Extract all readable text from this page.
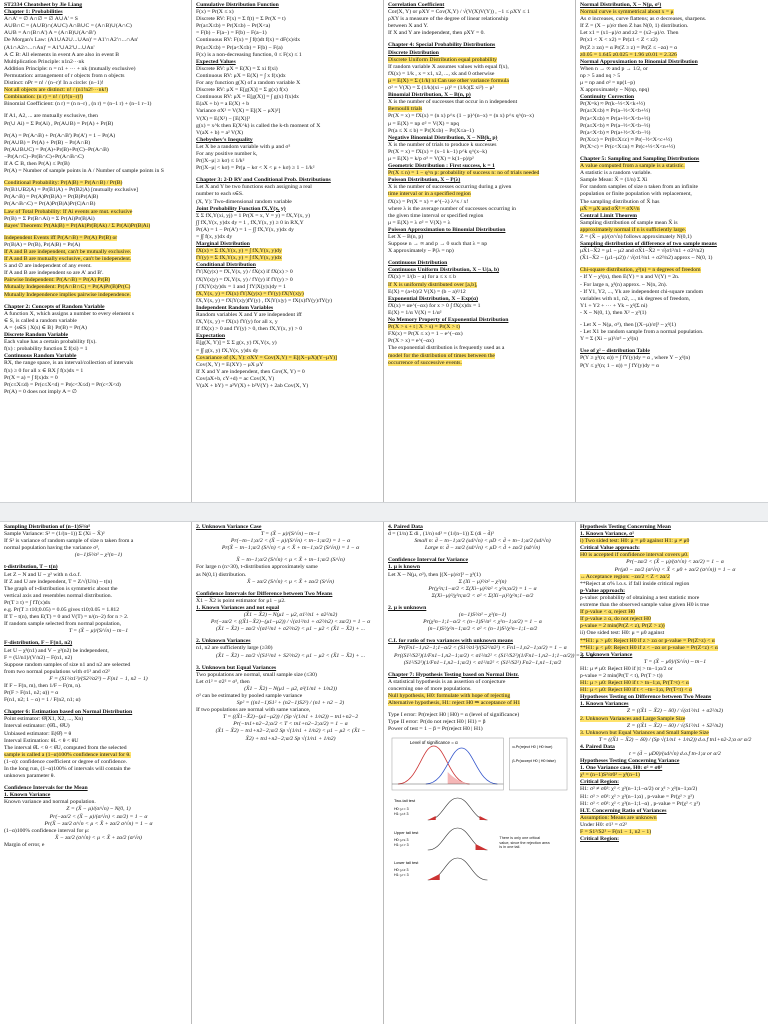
ST2334 Cheatsheet by Jie Liang
Chapter 1: Probabilities
A∩A' = ∅ A∩∅ = ∅ A∪A' = S
A∪B∩C = (A∪B)∩(A∪C) A∩B∪C = (A∩B)∪(A∩C)
A∪B = A∩(B∩A') A = (A∩B)∪(A∩B')
De Morgan's Law: (A1∪A2∪...∪An)' = A1'∩A2'∩...∩An'
(A1∩A2∩...∩An)' = A1'∪A2'∪...∪An'
A ⊂ B: All elements in event A are also in event B
Multiplication Principle: n1n2···nk
Addition Principle: n = n1 + ··· + nk (mutually exclusive)
Permutation: arrangement of r objects from n objects
Distinct: nPr = n! / (n−r)! In a circle: (n−1)!
Not all objects are distinct: n! / (n1!n2!···nk!)
Combination: (n r) = n! / (r!(n−r)!)
Binomial Coefficient: (n r) = (n n−r) , (n r) = (n−1 r) + (n−1 r−1)
If A1, A2, ... are mutually exclusive, then
Pr(∪ Ai) = Σ Pr(Ai) , Pr(A∪B) = Pr(A) + Pr(B)
Pr(A) = Pr(A∩B) + Pr(A∩B') Pr(A') = 1 − Pr(A)
Pr(A∪B) = Pr(A) + Pr(B) − Pr(A∩B)
Pr(A∪B∪C) = Pr(A)+Pr(B)+Pr(C)−Pr(A∩B)
−Pr(A∩C)−Pr(B∩C)+Pr(A∩B∩C)
If A ⊂ B, then Pr(A) ≤ Pr(B)
Pr(A) = Number of sample points in A / Number of sample points in S
Conditional Probability: Pr(A|B) = Pr(A∩B) / Pr(B)
Pr(B1∪B2|A) = Pr(B1|A) + Pr(B2|A) [mutually exclusive]
Pr(A∩B) = Pr(A)Pr(B|A) = Pr(B)Pr(A|B)
Pr(A∩B∩C) = Pr(A)Pr(B|A)Pr(C|A∩B)
Law of Total Probability: If Ai events are mut. exclusive
Pr(B) = Σ Pr(B∩Ai) = Σ Pr(Ai)Pr(B|Ai)
Bayes' Theorem: Pr(Ak|B) = Pr(Ak)Pr(B|Ak) / Σ Pr(Ai)Pr(B|Ai)
Independent Events iff Pr(A∩B) = Pr(A) Pr(B) or
Pr(B|A) = Pr(B), Pr(A|B) = Pr(A)
If A and B are independent, can't be mutually exclusive.
If A and B are mutually exclusive, can't be independent.
S and ∅ are independent of any event.
If A and B are independent so are A' and B'.
Pairwise Independent: Pr(A∩B) = Pr(A) Pr(B)
Mutually Independent: Pr(A∩B∩C) = Pr(A)Pr(B)Pr(C)
Mutually Independence implies pairwise independence.
Chapter 2: Concepts of Random Variable
A function X, which assigns a number to every element s
∈ S, is called a random variable
A = {s∈S | X(s) ∈ B} Pr(B) = Pr(A)
Discrete Random Variable
Each value has a certain probability f(x).
f(x) : probability function Σ f(xi) = 1
Continuous Random Variable
RX, the range space, is an interval/collection of intervals
f(x) ≥ 0 for all x ∈ RX ∫ f(x)dx = 1
Pr(X = a) = ∫ f(x)dx = 0
Pr(c≤X≤d) = Pr(c≤X<d) = Pr(c<X≤d) = Pr(c<X<d)
Pr(A) = 0 does not imply A = ∅
Cumulative Distribution Function
F(x) = Pr(X ≤ x)
Discrete RV: F(x) = Σ f(t) = Σ Pr(X = t)
Pr(a≤X≤b) = Pr(X≤b) − Pr(X<a)
= F(b) − F(a−) = F(b) − F(a−1)
Continuous RV: F(x) = ∫ f(t)dt f(x) = dF(x)/dx
Pr(a≤X≤b) = Pr(a<X≤b) = F(b) − F(a)
F(x) is a non-decreasing function, 0 ≤ F(x) ≤ 1
Expected Values
Discrete RV: μX = E(X) = Σ xi f(xi)
Continuous RV: μX = E(X) = ∫ x f(x)dx
For any function g(X) of a random variable X
Discrete RV: μX = E[g(X)] = Σ g(x) f(x)
Continuous RV: μX = E[g(X)] = ∫ g(x) f(x)dx
E(aX + b) = a E(X) + b
Variance σX² = V(X) = E[(X − μX)²]
V(X) = E(X²) − [E(X)]²
g(x) = x^k then E(X^k) is called the k-th moment of X
V(aX + b) = a² V(X)
Chebyshev's Inequality
Let X be a random variable with μ and σ²
For any positive number k,
Pr(|X−μ| ≥ kσ) ≤ 1/k²
Pr(|X−μ| < kσ) = Pr(μ − kσ < X < μ + kσ) ≥ 1 − 1/k²
Chapter 3: 2-D RV and Conditional Prob. Distributions
Let X and Y be two functions each assigning a real
number to each s∈S.
(X, Y): Two-dimensional random variable
Joint Probability Function fX,Y(x, y)
Σ Σ fX,Y(xi, yj) = 1 Pr(X = x, Y = y) = fX,Y(x, y)
∫∫ fX,Y(x, y)dx dy = 1 , fX,Y(x, y) ≥ 0 in RX,Y
Pr(A) = 1 − Pr(A') = 1 − ∫∫ fX,Y(x, y)dx dy
= ∫∫ f(x, y)dx dy
Marginal Distribution
fX(x) = Σ fX,Y(x, y) = ∫ fX,Y(x, y)dy
fY(y) = Σ fX,Y(x, y) = ∫ fX,Y(x, y)dx
Conditional Distribution
fY|X(y|x) = fX,Y(x, y) / fX(x) if fX(x) > 0
fX|Y(x|y) = fX,Y(x, y) / fY(y) if fY(y) > 0
∫ fX|Y(x|y)dx = 1 and ∫ fY|X(y|x)dy = 1
fX,Y(x, y) = fX(x) fY|X(y|x) = fY(y) fX|Y(x|y)
fX,Y(x, y) = fX|Y(x|y)fY(y) , fX|Y(x|y) = fX(x)fY(y)/fY(y)
Independent Random Variables
Random variables X and Y are independent iff
fX,Y(x, y) = fX(x) fY(y) for all x, y
If fX(x) > 0 and fY(y) > 0, then fX,Y(x, y) > 0
Expectation
E[g(X, Y)] = Σ Σ g(x, y) fX,Y(x, y)
= ∫∫ g(x, y) fX,Y(x, y)dx dy
Covariance of (X, Y): σXY = Cov(X,Y) = E[(X−μX)(Y−μY)]
Cov(X, Y) = E(XY) − μX μY
If X and Y are independent, then Cov(X, Y) = 0
Cov(aX+b, cY+d) = ac Cov(X, Y)
V(aX + bY) = a²V(X) + b²V(Y) + 2ab Cov(X, Y)
Correlation Coefficient
Cor(X, Y) or ρXY = Cov(X,Y) / √(V(X)V(Y)) , −1 ≤ ρXY ≤ 1
ρXY is a measure of the degree of linear relationship
between X and Y.
If X and Y are independent, then ρXY = 0.
Chapter 4: Special Probability Distributions
Discrete Distribution
Discrete Uniform Distribution equal probability
If random variable X assumes values with equal f(x),
fX(x) = 1/k , x = x1, x2, ..., xk and 0 otherwise
μ = E(X) = Σ (1/k) xi Can use other variance formula
σ² = V(X) = Σ (1/k)(xi − μ)² = (1/k)(Σ xi²) − μ²
Binomial Distribution, X ~ B(n, p)
X is the number of successes that occur in n independent
Bernoulli trials
Pr(X = x) = fX(x) = (n x) p^x (1 − p)^(n−x) = (n x) p^x q^(n−x)
μ = E(X) = np σ² = V(X) = npq
Pr(a ≤ X ≤ b) = Pr(X≤b) − Pr(X≤a−1)
Negative Binomial Distribution, X ~ NB(k, p)
X is the number of trials to produce k successes
Pr(X = x) = fX(x) = (x−1 k−1) p^k q^(x−k)
μ = E(X) = k/p σ² = V(X) = k(1−p)/p²
Geometric Distribution : First success, k = 1
Pr(X ≤ n) = 1 − q^n p: probability of success n: no of trials needed
Poisson Distribution, X ~ P(λ)
X is the number of successes occurring during a given
time interval or in a specified region
fX(x) = Pr(X = x) = e^(−λ) λ^x / x!
where λ is the average number of successes occurring in
the given time interval or specified region
μ = E(X) = λ σ² = V(X) = λ
Poisson Approximation to Binomial Distribution
Let X ~ B(n, p)
Suppose n → ∞ and p → 0 such that λ = np
X approximately ~ P(λ = np)
Continuous Distribution
Continuous Uniform Distribution, X ~ U(a, b)
fX(x) = 1/(b − a) for a ≤ x ≤ b
If X is uniformly distributed over [a,b],
E(X) = (a+b)/2 V(X) = (b − a)²/12
Exponential Distribution, X ~ Exp(α)
fX(x) = αe^(−αx) for x > 0 ∫ fX(x)dx = 1
E(X) = 1/α V(X) = 1/α²
No Memory Property of Exponential Distribution
Pr(X > s + t | X > s) = Pr(X > t)
FX(x) = Pr(X ≤ x) = 1 − e^(−αx)
Pr(X > x) = e^(−αx)
The exponential distribution is frequently used as a
model for the distribution of times between the
occurrence of successive events.
Normal Distribution, X ~ N(μ, σ²)
Normal curve is symmetrical about x = μ
As σ increases, curve flattens; as σ decreases, sharpens.
If Z = (X − μ)/σ then Z has N(0, 1) distribution.
Let x1 = (x1−μ)/σ and z2 = (x2−μ)/σ. Then
Pr(x1 < X < x2) = Pr(z1 < Z < z2)
Pr(Z ≥ zα) = α Pr(Z ≥ z) = Pr(Z ≤ −zα) = α
z0.05 = 1.645 z0.025 = 1.96 z0.01 = 2.326
Normal Approximation to Binomial Distribution
When n → ∞ and p → 1/2, or
np > 5 and nq > 5
μ = np and σ² = np(1−p)
X approximately ~ N(np, npq)
Continuity Correction
Pr(X=k) ≈ Pr(k−½<X<k+½)
Pr(a≤X≤b) ≈ Pr(a−½<X<b+½)
Pr(a<X≤b) ≈ Pr(a+½<X<b+½)
Pr(a≤X<b) ≈ Pr(a−½<X<b−½)
Pr(a<X<b) ≈ Pr(a+½<X<b−½)
Pr(X≤c) = Pr(0≤X≤c) ≈ Pr(−½<X<c+½)
Pr(X>c) = Pr(c<X≤n) ≈ Pr(c+½<X<n+½)
Chapter 5: Sampling and Sampling Distributions
A value computed from a sample is a statistic.
A statistic is a random variable.
Sample Mean: X̄ = (1/n) Σ Xi
For random samples of size n taken from an infinite
population or finite population with replacement,
The sampling distribution of X̄ has
μX̄ = μX and σX̄² = σX²/n
Central Limit Theorem
Sampling distribution of sample mean X̄ is
approximately normal if n is sufficiently large.
Z = (X̄ − μ)/(σ/√n) follows approximately N(0,1)
Sampling distribution of difference of two sample means
μX̄1−X̄2 = μ1 − μ2 and σX̄1−X̄2 = √(σ1²/n1 + σ2²/n2)
(X̄1−X̄2 − (μ1−μ2)) / √(σ1²/n1 + σ2²/n2) approx ~ N(0, 1)
Chi-square distribution, χ²(n) = n degrees of freedom
- If Y ~ χ²(n), then E(Y) = n and V(Y) = 2n.
- For large n, χ²(n) approx. ~ N(n, 2n).
- If Y1, Y2, ..., Yk are independent chi-square random
variables with n1, n2, ..., nk degrees of freedom,
Y1 + Y2 + ··· + Yk ~ χ²(Σ ni)
- X ~ N(0, 1), then X² ~ χ²(1)
- Let X ~ N(μ, σ²), then [(X−μ)/σ]² ~ χ²(1)
- Let X1 be random sample from a normal population.
Y = Σ (Xi − μ)²/σ² ~ χ²(n)
Use of χ² – distribution Table
P(Y ≥ χ²(n; α)) = ∫ fY(y)dy = α , where Y ~ χ²(n)
P(Y ≤ χ²(n; 1 − α)) = ∫ fY(y)dy = α
Sampling Distribution of (n−1)S²/σ²
Sample Variance: S² = (1/(n−1)) Σ (Xi − X̄)²
If S² is variance of random sample of size n taken from a
normal population having the variance σ²,
(n−1)S²/σ² ~ χ²(n−1)
t-distribution, T ~ t(n)
Let Z ~ N and U ~ χ² with n d.o.f.
If Z and U are independent, T = Z/√(U/n) ~ t(n)
The graph of t-distribution is symmetric about the
vertical axis and resembles normal distribution.
Pr(T ≥ t) = ∫ fT(x)dx
e.g. Pr(T ≥ t10;0.05) = 0.05 gives t10;0.05 = 1.812
If T ~ t(n), then E(T) = 0 and V(T) = n/(n−2) for n > 2.
If random sample selected from normal population,
T = (X̄ − μ)/(S/√n) ~ tn−1
F-distribution, F ~ F(n1, n2)
Let U ~ χ²(n1) and V ~ χ²(n2) be independent,
F = (U/n1)/(V/n2) ~ F(n1, n2)
Suppose random samples of size n1 and n2 are selected
from two normal populations with σ1² and σ2²
F = (S1²/σ1²)/(S2²/σ2²) ~ F(n1 − 1, n2 − 1)
If F ~ F(n, m), then 1/F ~ F(m, n).
Pr(F > F(n1, n2; α)) = α
F(n1, n2; 1 − α) = 1 / F(n2, n1; α)
Chapter 6: Estimation based on Normal Distribution
Point estimator: Θ̂(X1, X2, ..., Xn)
Interval estimator: (Θ̂L, Θ̂U)
Unbiased estimator: E(Θ̂) = θ
Interval Estimation: θL < θ < θU
The interval θ̂L < θ < θ̂U, computed from the selected
sample is called a (1−α)100% confidence interval for θ.
(1−α): confidence coefficient or degree of confidence.
In the long run, (1−α)100% of intervals will contain the
unknown parameter θ.
Confidence Intervals for the Mean
1. Known Variance
Known variance and normal population.
Z = (X̄ − μ)/(σ/√n) ~ N(0, 1)
Pr(−zα/2 < (X̄ − μ)/(σ/√n) < zα/2) = 1 − α
Pr(X̄ − zα/2 σ/√n < μ < X̄ + zα/2 σ/√n) = 1 − α
(1−α)100% confidence interval for μ:
X̄ − zα/2 (σ/√n) < μ < X̄ + zα/2 (σ/√n)
Margin of error, e
2. Unknown Variance Case
T = (X̄ − μ)/(S/√n) ~ tn−1
Pr(−tn−1;α/2 < (X̄ − μ)/(S/√n) < tn−1;α/2) = 1 − α
Pr(X̄ − tn−1;α/2 (S/√n) < μ < X̄ + tn−1;α/2 (S/√n)) = 1 − α
X̄ − tn−1;α/2 (S/√n) < μ < X̄ + tn−1;α/2 (S/√n)
For large n (n>30), t-distribution approximately same
as N(0,1) distribution.
X̄ − zα/2 (S/√n) < μ < X̄ + zα/2 (S/√n)
Confidence Intervals for Difference between Two Means
X̄1 − X̄2 is point estimator for μ1 − μ2.
1. Known Variances and not equal
(X̄1 − X̄2) ~ N(μ1 − μ2, σ1²/n1 + σ2²/n2)
Pr(−zα/2 < ((X̄1−X̄2)−(μ1−μ2)) / √(σ1²/n1 + σ2²/n2) < zα/2) = 1 − α
(X̄1 − X̄2) − zα/2 √(σ1²/n1 + σ2²/n2) < μ1 − μ2 < (X̄1 − X̄2) + ...
2. Unknown Variances
n1, n2 are sufficiently large (≥30)
(X̄1 − X̄2) − zα/2 √(S1²/n1 + S2²/n2) < μ1 − μ2 < (X̄1 − X̄2) + ...
3. Unknown but Equal Variances
Two populations are normal, small sample size (≤30)
Let σ1² = σ2² = σ², then
(X̄1 − X̄2) ~ N(μ1 − μ2, σ²(1/n1 + 1/n2))
σ² can be estimated by pooled sample variance
Sp² = ((n1−1)S1² + (n2−1)S2²) / (n1 + n2 − 2)
If two populations are normal with same variance,
T = ((X̄1−X̄2)−(μ1−μ2)) / (Sp √(1/n1 + 1/n2)) ~ tn1+n2−2
Pr(−tn1+n2−2;α/2 < T < tn1+n2−2;α/2) = 1 − α
(X̄1 − X̄2) − tn1+n2−2;α/2 Sp √(1/n1 + 1/n2) < μ1 − μ2 < (X̄1 −
X̄2) + tn1+n2−2;α/2 Sp √(1/n1 + 1/n2)
4. Paired Data
d̄ = (1/n) Σ di , (1/n) sd² = (1/(n−1)) Σ (di − d̄)²
Small n: d̄ − tn−1;α/2 (sd/√n) < μD < d̄ + tn−1;α/2 (sd/√n)
Large n: d̄ − zα/2 (sd/√n) < μD < d̄ + zα/2 (sd/√n)
Confidence Interval for Variance
1. μ is known
Let X ~ N(μ, σ²), then [(X−μ)/σ]² ~ χ²(1)
Σ (Xi − μ)²/σ² ~ χ²(n)
Pr(χ²n;1−α/2 < Σ(Xi−μ)²/σ² < χ²n;α/2) = 1 − α
Σ(Xi−μ)²/χ²n;α/2 < σ² < Σ(Xi−μ)²/χ²n;1−α/2
2. μ is unknown
(n−1)S²/σ² ~ χ²(n−1)
Pr(χ²n−1;1−α/2 < (n−1)S²/σ² < χ²n−1;α/2) = 1 − α
(n−1)S²/χ²n−1;α/2 < σ² < (n−1)S²/χ²n−1;1−α/2
C.I. for ratio of two variances with unknown means
Pr(Fn1−1,n2−1;1−α/2 < (S1²/σ1²)/(S2²/σ2²) < Fn1−1,n2−1;α/2) = 1 − α
Pr((S1²/S2²)(1/Fn1−1,n2−1;α/2) < σ1²/σ2² < (S1²/S2²)(1/Fn1−1,n2−1;1−α/2)) = 1 − α
(S1²/S2²)(1/Fn1−1,n2−1;α/2) < σ1²/σ2² < (S1²/S2²) Fn2−1,n1−1;α/2
Chapter 7: Hypothesis Testing based on Normal Distr.
A statistical hypothesis is an assertion of conjecture
concerning one of more populations.
Null hypothesis, H0: formulate with hope of rejecting
Alternative hypothesis, H1: reject H0 ⇒ acceptance of H1
Type I error: Pr(reject H0 | H0) = α (level of significance)
Type II error: Pr(do not reject H0 | H1) = β
Power of test = 1 − β = Pr(reject H0 | H1)
Level of significance = α
α-Pr(reject H0 | H0 true)
β-Pr(accept H0 | H0 false)
Two-tail test
Upper tail test
Lower tail test
H0: μ = 3
H1: μ ≠ 3
H0: μ ≤ 3
H1: μ > 3
H0: μ ≥ 3
H1: μ < 3
There is only one critical value, since the rejection area is in one tail.
Hypothesis Testing Concerning Mean
1. Known Variance, σ²
i) Two sided test: H0: μ = μ0 against H1: μ ≠ μ0
Critical Value approach:
H0 is accepted if confidence interval covers μ0.
Pr(−zα/2 < (X̄ − μ)/(σ/√n) < zα/2) = 1 − α
Pr(μ0 − zα/2 (σ/√n) < X̄ < μ0 + zα/2 (σ/√n)) = 1 − α
↔Acceptance region: −zα/2 < Z < zα/2
**Reject at α% l.o.s. if fall inside critical region
p-Value approach:
p-value: probability of obtaining a test statistic more
extreme than the observed sample value given H0 is true
If p-value < α, reject H0
If p-value ≥ α, do not reject H0
p-value = 2 min(Pr(Z < z), Pr(Z > z))
ii) One sided test: H0: μ = μ0 against
**H1: μ > μ0: Reject H0 if z > zα or p-value = Pr(Z>z) < α
**H1: μ < μ0: Reject H0 if z < −zα or p-value = Pr(Z<z) < α
2. Unknown Variance
T = (X̄ − μ0)/(S/√n) ~ tn−1
H1: μ ≠ μ0: Reject H0 if |t| > tn−1;α/2 or
p-value = 2 min(Pr(T < t), Pr(T > t))
H1: μ > μ0: Reject H0 if t > tn−1;α, Pr(T>t) < α
H1: μ < μ0: Reject H0 if t < −tn−1;α, Pr(T<t) < α
Hypotheses Testing on Difference between Two Means
1. Known Variances
Z = ((X̄1 − X̄2) − δ0) / √(σ1²/n1 + σ2²/n2)
2. Unknown Variances and Large Sample Size
Z = ((X̄1 − X̄2) − δ0) / √(S1²/n1 + S2²/n2)
3. Unknown but Equal Variances and Small Sample Size
T = ((X̄1 − X̄2) − δ0) / (Sp √(1/n1 + 1/n2)) d.o.f tn1+n2-2;α or α/2
4. Paired Data
t = (d̄ − μD0)/(sd/√n) d.o.f tn-1;α or α/2
Hypotheses Testing Concerning Variance
1. One Variance case, H0: σ² = σ0²
χ² = (n−1)S²/σ0² ~ χ²(n−1)
Critical Region:
H1: σ² ≠ σ0²: χ² < χ²(n−1;1−α/2) or χ² > χ²(n−1;α/2)
H1: σ² > σ0²: χ² > χ²(n−1;α) , p-value = Pr(χ² > χ²)
H1: σ² < σ0²: χ² < χ²(n−1;1−α) , p-value = Pr(χ² < χ²)
H.T. Concerning Ratio of Variances
Assumption: Means are unknown
Under H0: σ1² = σ2²
F = S1²/S2² ~ F(n1 − 1, n2 − 1)
Critical Region:
